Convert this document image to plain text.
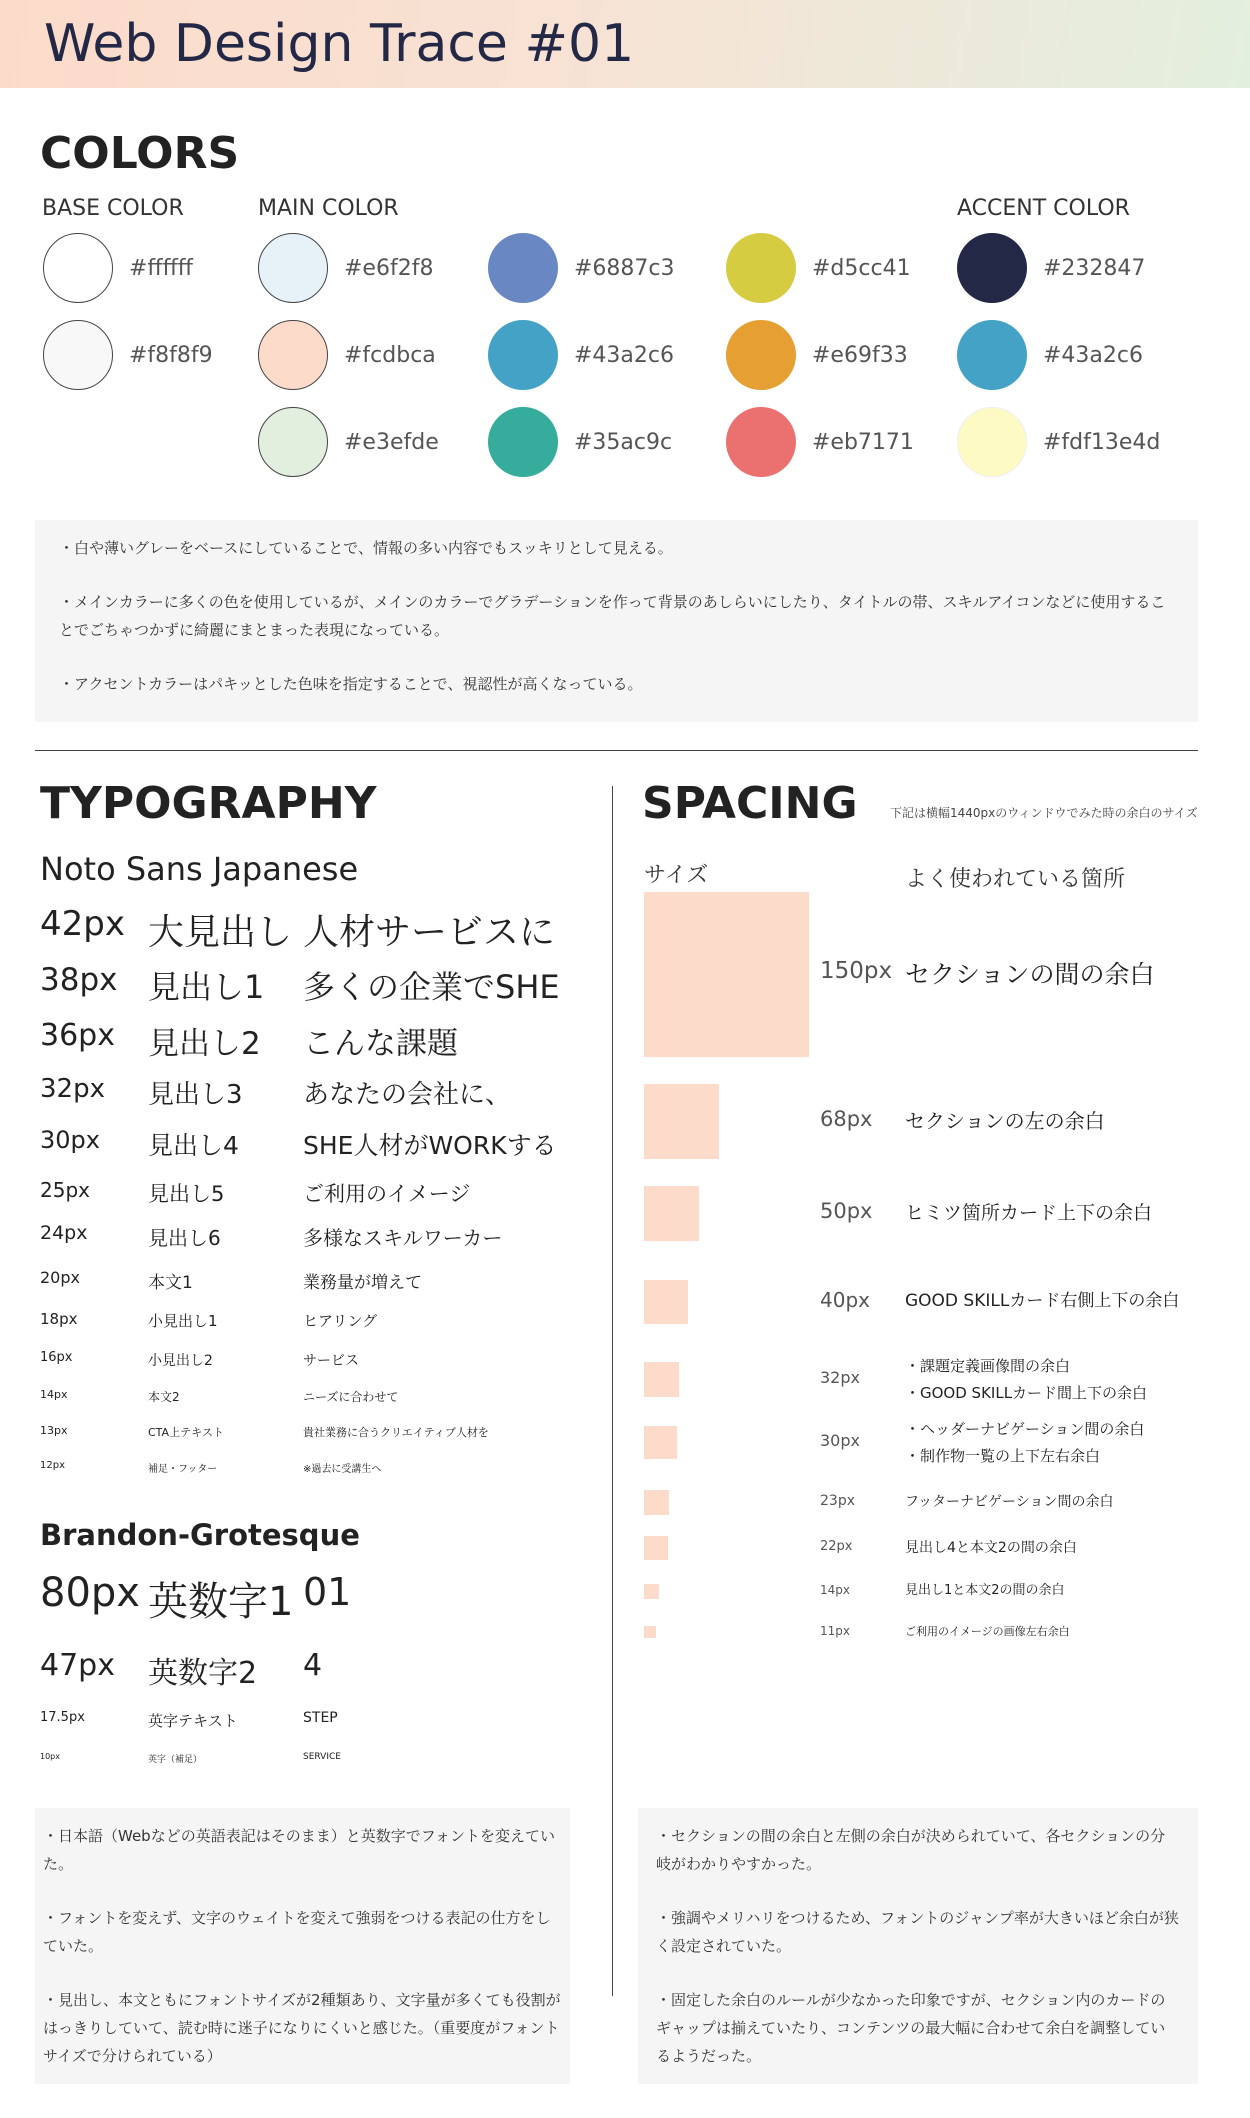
Web Design Trace #01
COLORS
BASE COLOR	MAIN COLOR	ACCENT COLOR
#ffffff
#f8f8f9
#e6f2f8
#fcdbca
#e3efde
#6887c3
#43a2c6
#35ac9c
#d5cc41
#e69f33
#eb7171
#232847
#43a2c6
#fdf13e4d

・白や薄いグレーをベースにしていることで、情報の多い内容でもスッキリとして見える。

・メインカラーに多くの色を使用しているが、メインのカラーでグラデーションを作って背景のあしらいにしたり、タイトルの帯、スキルアイコンなどに使用することでごちゃつかずに綺麗にまとまった表現になっている。

・アクセントカラーはパキッとした色味を指定することで、視認性が高くなっている。

TYPOGRAPHY
Noto Sans Japanese
42px 大見出し 人材サービスに
38px 見出し1 多くの企業でSHE
36px 見出し2 こんな課題
32px 見出し3 あなたの会社に、
30px 見出し4	SHE人材がWORKする
25px	見出し5	ご利用のイメージ
24px	見出し6	多様なスキルワーカー
20px	本文1	業務量が増えて
18px	小見出し1	ヒアリング
16px	小見出し2	サービス
14px	本文2	ニーズに合わせて
13px	CTA上テキスト	貴社業務に合うクリエイティブ人材を
12px	補足・フッター	※過去に受講生へ
Brandon-Grotesque
80px 英数字1 01
47px 英数字2 4
17.5px	英字テキスト	STEP
10px	英字（補足）	SERVICE

・日本語（Webなどの英語表記はそのまま）と英数字でフォントを変えていた。

・フォントを変えず、文字のウェイトを変えて強弱をつける表記の仕方をしていた。

・見出し、本文ともにフォントサイズが2種類あり、文字量が多くても役割がはっきりしていて、読む時に迷子になりにくいと感じた。（重要度がフォントサイズで分けられている）

SPACING	下記は横幅1440pxのウィンドウでみた時の余白のサイズ
サイズ	よく使われている箇所
150px セクションの間の余白
68px セクションの左の余白
50px ヒミツ箇所カード上下の余白
40px GOOD SKILLカード右側上下の余白
32px
・課題定義画像間の余白
・GOOD SKILLカード間上下の余白
30px
・ヘッダーナビゲーション間の余白
・制作物一覧の上下左右余白
23px	フッターナビゲーション間の余白
22px	見出し4と本文2の間の余白
14px	見出し1と本文2の間の余白
11px	ご利用のイメージの画像左右余白

・セクションの間の余白と左側の余白が決められていて、各セクションの分岐がわかりやすかった。

・強調やメリハリをつけるため、フォントのジャンプ率が大きいほど余白が狭く設定されていた。

・固定した余白のルールが少なかった印象ですが、セクション内のカードのギャップは揃えていたり、コンテンツの最大幅に合わせて余白を調整しているようだった。
